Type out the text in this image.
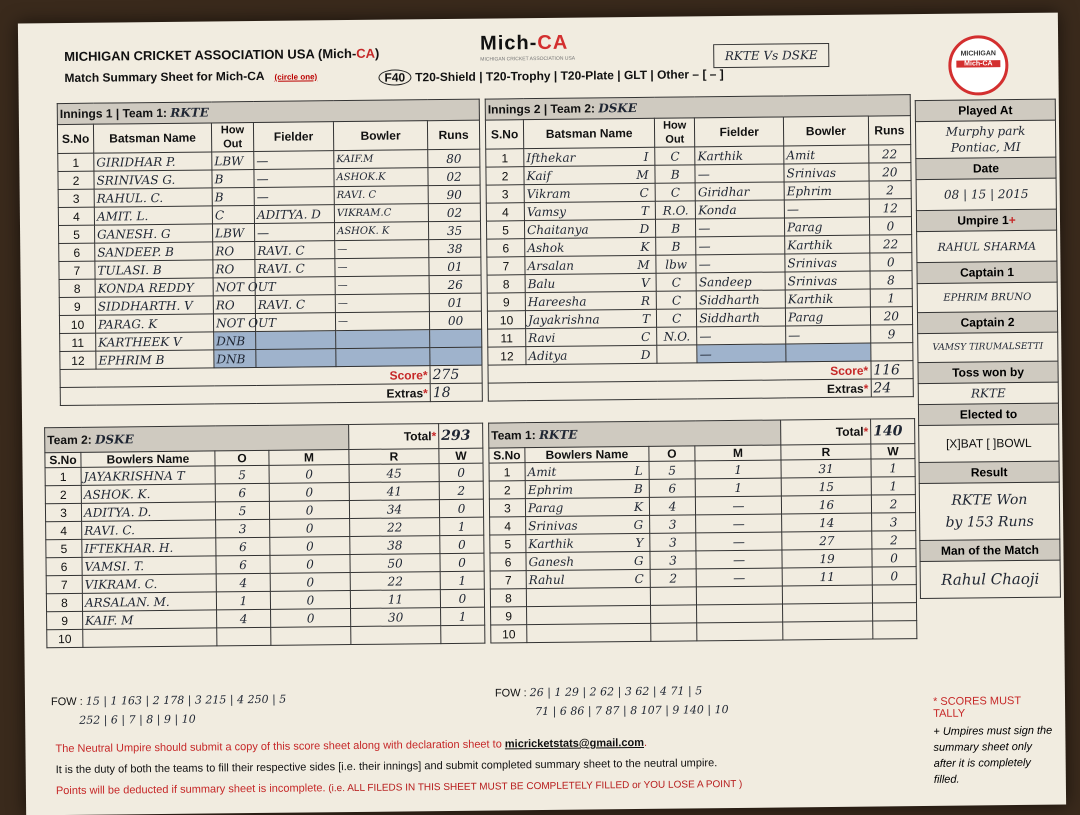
MICHIGAN CRICKET ASSOCIATION USA (Mich-CA)
Match Summary Sheet for Mich-CA (circle one)
Mich-CA
MICHIGAN CRICKET ASSOCIATION USA	RKTE Vs DSKE
F40 T20-Shield | T20-Trophy | T20-Plate | GLT | Other – [ – ]
MICHIGAN
Mich-CA
Innings 1 | Team 1: RKTE					
S.No	Batsman Name	How Out	Fielder	Bowler	Runs
1	GIRIDHAR P.	LBW	—	KAIF.M	80
2	SRINIVAS G.	B	—	ASHOK.K	02
3	RAHUL. C.	B	—	RAVI. C	90
4	AMIT. L.	C	ADITYA. D	VIKRAM.C	02
5	GANESH. G	LBW	—	ASHOK. K	35
6	SANDEEP. B	RO	RAVI. C	—	38
7	TULASI. B	RO	RAVI. C	—	01
8	KONDA REDDY	NOT OUT		—	26
9	SIDDHARTH. V	RO	RAVI. C	—	01
10	PARAG. K	NOT OUT		—	00
11	KARTHEEK V	DNB			
12	EPHRIM B	DNB			
Score*					275
Extras*					18
Innings 2 | Team 2: DSKE					
S.No	Batsman Name	How Out	Fielder	Bowler	Runs
1	Ifthekar I	C	Karthik	Amit	22
2	Kaif M	B	—	Srinivas	20
3	Vikram C	C	Giridhar	Ephrim	2
4	Vamsy T	R.O.	Konda	—	12
5	Chaitanya D	B	—	Parag	0
6	Ashok K	B	—	Karthik	22
7	Arsalan M	lbw	—	Srinivas	0
8	Balu V	C	Sandeep	Srinivas	8
9	Hareesha R	C	Siddharth	Karthik	1
10	Jayakrishna T	C	Siddharth	Parag	20
11	Ravi C	N.O.	—	—	9
12	Aditya D		—		
Score*					116
Extras*					24
Team 2: DSKE				Total*	293
S.No	Bowlers Name	O	M	R	W
1	JAYAKRISHNA T	5	0	45	0
2	ASHOK. K.	6	0	41	2
3	ADITYA. D.	5	0	34	0
4	RAVI. C.	3	0	22	1
5	IFTEKHAR. H.	6	0	38	0
6	VAMSI. T.	6	0	50	0
7	VIKRAM. C.	4	0	22	1
8	ARSALAN. M.	1	0	11	0
9	KAIF. M	4	0	30	1
10					
Team 1: RKTE				Total*	140
S.No	Bowlers Name	O	M	R	W
1	Amit L	5	1	31	1
2	Ephrim B	6	1	15	1
3	Parag K	4	—	16	2
4	Srinivas G	3	—	14	3
5	Karthik Y	3	—	27	2
6	Ganesh G	3	—	19	0
7	Rahul C	2	—	11	0
8	

9	

10	

Played At
Murphy park
Pontiac, MI
Date
08 | 15 | 2015
Umpire 1+
RAHUL SHARMA
Captain 1
EPHRIM BRUNO
Captain 2
VAMSY TIRUMALSETTI
Toss won by
RKTE
Elected to
[X]BAT [ ]BOWL
Result
RKTE Won
by 153 Runs
Man of the Match
Rahul Chaoji
FOW : 15 | 1 163 | 2 178 | 3 215 | 4 250 | 5
252 | 6 | 7 | 8 | 9 | 10
FOW : 26 | 1 29 | 2 62 | 3 62 | 4 71 | 5
71 | 6 86 | 7 87 | 8 107 | 9 140 | 10
The Neutral Umpire should submit a copy of this score sheet along with declaration sheet to micricketstats@gmail.com.
It is the duty of both the teams to fill their respective sides [i.e. their innings] and submit completed summary sheet to the neutral umpire.
Points will be deducted if summary sheet is incomplete. (i.e. ALL FILEDS IN THIS SHEET MUST BE COMPLETELY FILLED or YOU LOSE A POINT )
* SCORES MUST TALLY
+ Umpires must sign the summary sheet only after it is completely filled.
